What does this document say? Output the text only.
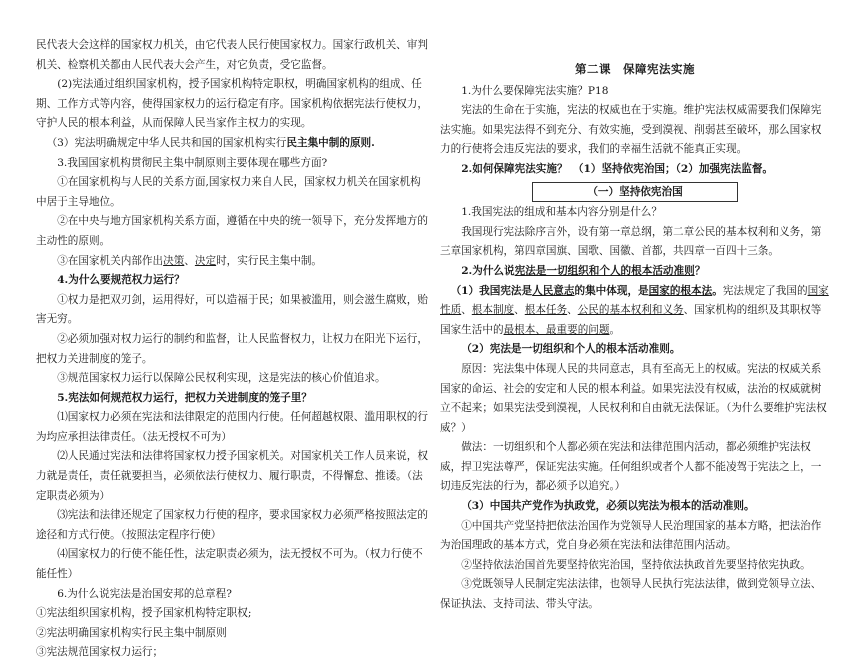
民代表大会这样的国家权力机关，由它代表人民行使国家权力。国家行政机关、审判机关、检察机关都由人民代表大会产生，对它负责，受它监督。

(2)宪法通过组织国家机构，授予国家机构特定职权，明确国家机构的组成、任期、工作方式等内容，使得国家权力的运行稳定有序。国家机构依据宪法行使权力，守护人民的根本利益，从而保障人民当家作主权力的实现。

（3）宪法明确规定中华人民共和国的国家机构实行民主集中制的原则.

3.我国国家机构贯彻民主集中制原则主要体现在哪些方面?

①在国家机构与人民的关系方面,国家权力来自人民，国家权力机关在国家机构中居于主导地位。

②在中央与地方国家机构关系方面，遵循在中央的统一领导下，充分发挥地方的主动性的原则。

③在国家机关内部作出决策、决定时，实行民主集中制。

4.为什么要规范权力运行？

①权力是把双刃剑，运用得好，可以造福于民；如果被滥用，则会滋生腐败，贻害无穷。

②必须加强对权力运行的制约和监督，让人民监督权力，让权力在阳光下运行，把权力关进制度的笼子。

③规范国家权力运行以保障公民权利实现，这是宪法的核心价值追求。

5.宪法如何规范权力运行，把权力关进制度的笼子里？

⑴国家权力必须在宪法和法律限定的范围内行使。任何超越权限、滥用职权的行为均应承担法律责任。（法无授权不可为）

⑵人民通过宪法和法律将国家权力授予国家机关。对国家机关工作人员来说，权力就是责任，责任就要担当，必须依法行使权力、履行职责，不得懈怠、推诿。（法定职责必须为）

⑶宪法和法律还规定了国家权力行使的程序，要求国家权力必须严格按照法定的途径和方式行使。（按照法定程序行使）

⑷国家权力的行使不能任性，法定职责必须为，法无授权不可为。（权力行使不能任性）

6.为什么说宪法是治国安邦的总章程?

①宪法组织国家机构，授予国家机构特定职权;

②宪法明确国家机构实行民主集中制原则

③宪法规范国家权力运行；

第二课　保障宪法实施

1.为什么要保障宪法实施？P18

宪法的生命在于实施，宪法的权威也在于实施。维护宪法权威需要我们保障宪法实施。如果宪法得不到充分、有效实施，受到漠视、削弱甚至破坏，那么国家权力的行使将会违反宪法的要求，我们的幸福生活就不能真正实现。

2.如何保障宪法实施？　（1）坚持依宪治国；（2）加强宪法监督。

（一）坚持依宪治国

1.我国宪法的组成和基本内容分别是什么？

我国现行宪法除序言外，设有第一章总纲，第二章公民的基本权利和义务，第三章国家机构，第四章国旗、国歌、国徽、首都，共四章一百四十三条。

2.为什么说宪法是一切组织和个人的根本活动准则？

（1）我国宪法是人民意志的集中体现，是国家的根本法。宪法规定了我国的国家性质、根本制度、根本任务、公民的基本权利和义务、国家机构的组织及其职权等国家生活中的最根本、最重要的问题。

（2）宪法是一切组织和个人的根本活动准则。

原因：宪法集中体现人民的共同意志，具有至高无上的权威。宪法的权威关系国家的命运、社会的安定和人民的根本利益。如果宪法没有权威，法治的权威就树立不起来；如果宪法受到漠视，人民权利和自由就无法保证。（为什么要维护宪法权威？）

做法：一切组织和个人都必须在宪法和法律范围内活动，都必须维护宪法权威，捍卫宪法尊严，保证宪法实施。任何组织或者个人都不能凌驾于宪法之上，一切违反宪法的行为，都必须予以追究。）

（3）中国共产党作为执政党，必须以宪法为根本的活动准则。

①中国共产党坚持把依法治国作为党领导人民治理国家的基本方略，把法治作为治国理政的基本方式，党自身必须在宪法和法律范围内活动。

②坚持依法治国首先要坚持依宪治国，坚持依法执政首先要坚持依宪执政。

③党既领导人民制定宪法法律，也领导人民执行宪法法律，做到党领导立法、保证执法、支持司法、带头守法。
